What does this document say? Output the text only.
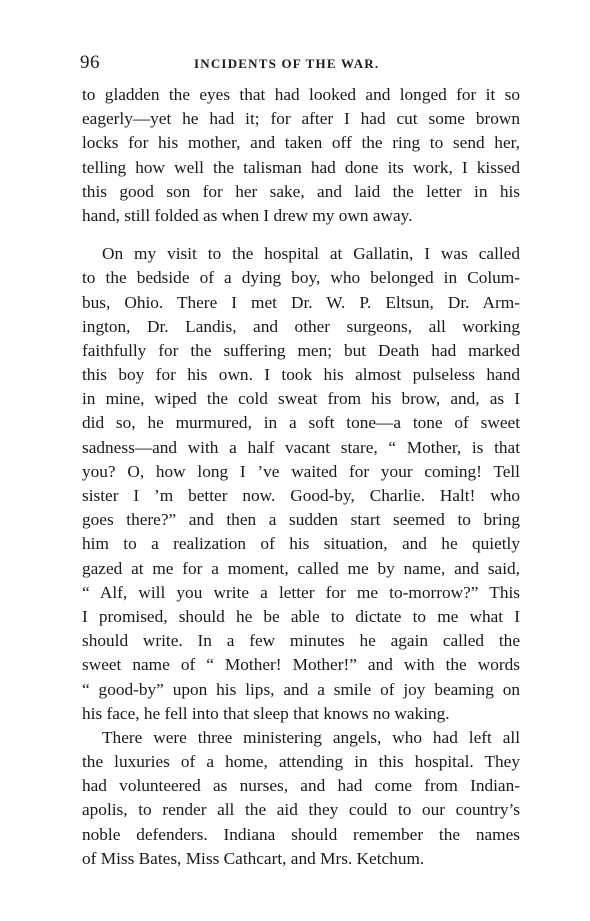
96	INCIDENTS OF THE WAR.
to gladden the eyes that had looked and longed for it so
eagerly—yet he had it; for after I had cut some brown
locks for his mother, and taken off the ring to send her,
telling how well the talisman had done its work, I kissed
this good son for her sake, and laid the letter in his
hand, still folded as when I drew my own away.
On my visit to the hospital at Gallatin, I was called
to the bedside of a dying boy, who belonged in Colum-
bus, Ohio. There I met Dr. W. P. Eltsun, Dr. Arm-
ington, Dr. Landis, and other surgeons, all working
faithfully for the suffering men; but Death had marked
this boy for his own. I took his almost pulseless hand
in mine, wiped the cold sweat from his brow, and, as I
did so, he murmured, in a soft tone—a tone of sweet
sadness—and with a half vacant stare, “ Mother, is that
you? O, how long I ’ve waited for your coming! Tell
sister I ’m better now. Good-by, Charlie. Halt! who
goes there?” and then a sudden start seemed to bring
him to a realization of his situation, and he quietly
gazed at me for a moment, called me by name, and said,
“ Alf, will you write a letter for me to-morrow?” This
I promised, should he be able to dictate to me what I
should write. In a few minutes he again called the
sweet name of “ Mother! Mother!” and with the words
“ good-by” upon his lips, and a smile of joy beaming on
his face, he fell into that sleep that knows no waking.
There were three ministering angels, who had left all
the luxuries of a home, attending in this hospital. They
had volunteered as nurses, and had come from Indian-
apolis, to render all the aid they could to our country’s
noble defenders. Indiana should remember the names
of Miss Bates, Miss Cathcart, and Mrs. Ketchum.
